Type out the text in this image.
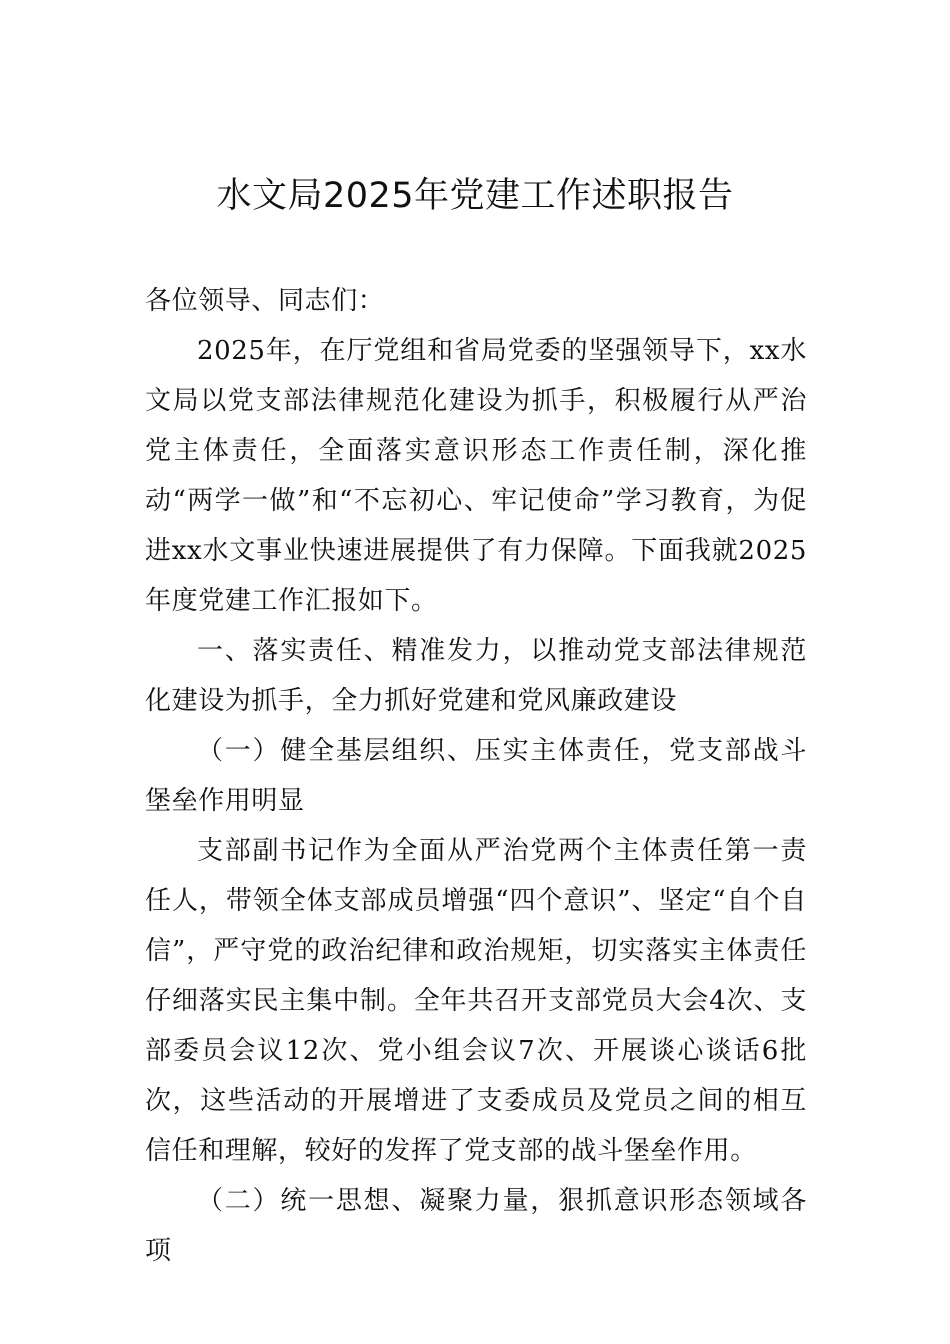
水文局2025年党建工作述职报告

各位领导、同志们：

2025年，在厅党组和省局党委的坚强领导下，xx水文局以党支部法律规范化建设为抓手，积极履行从严治党主体责任，全面落实意识形态工作责任制，深化推动“两学一做”和“不忘初心、牢记使命”学习教育，为促进xx水文事业快速进展提供了有力保障。下面我就2025年度党建工作汇报如下。

一、落实责任、精准发力，以推动党支部法律规范化建设为抓手，全力抓好党建和党风廉政建设

（一）健全基层组织、压实主体责任，党支部战斗堡垒作用明显

支部副书记作为全面从严治党两个主体责任第一责任人，带领全体支部成员增强“四个意识”、坚定“自个自信”，严守党的政治纪律和政治规矩，切实落实主体责任仔细落实民主集中制。全年共召开支部党员大会4次、支部委员会议12次、党小组会议7次、开展谈心谈话6批次，这些活动的开展增进了支委成员及党员之间的相互信任和理解，较好的发挥了党支部的战斗堡垒作用。

（二）统一思想、凝聚力量，狠抓意识形态领域各项
